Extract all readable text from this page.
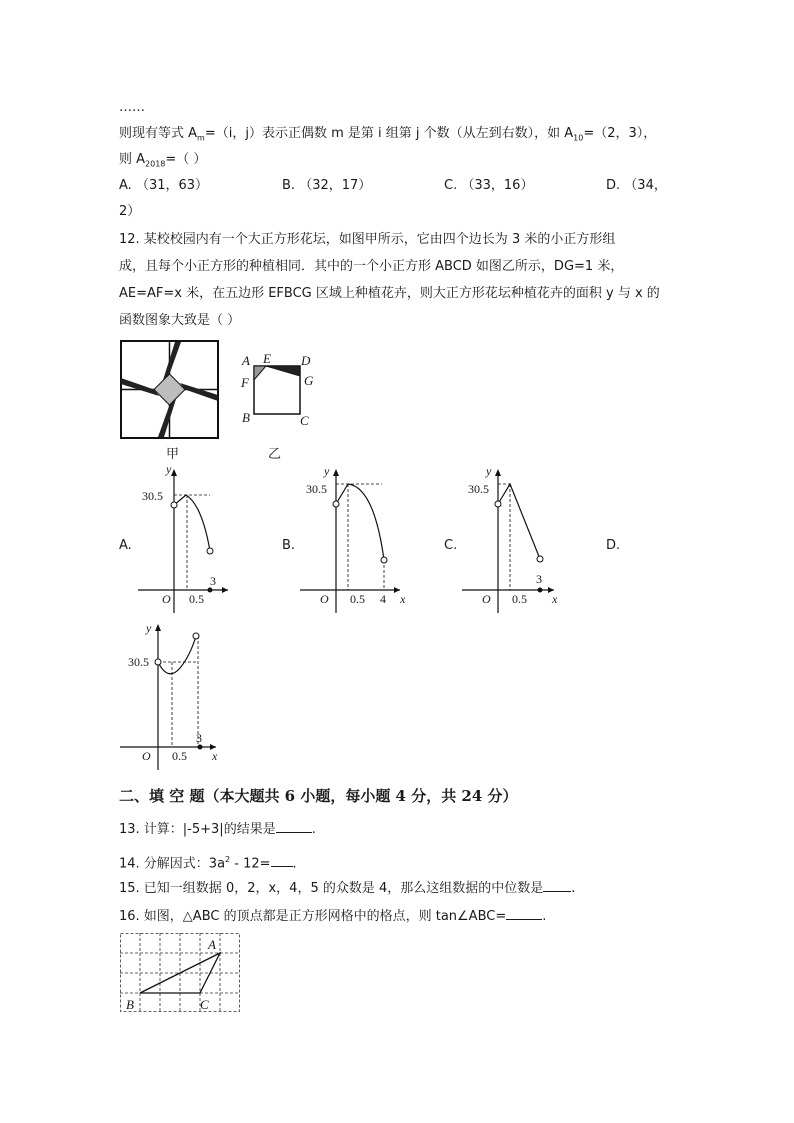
……
则现有等式 $A_m=(i$，j）表示正偶数 m 是第 i 组第 j 个数（从左到右数），如 $A_{10}=(2$，3），
则 $A_{2018}=$（ ）
A. （31，63）	B. （32，17）	C. （33，16）	D. （34，
2）
12. 某校校园内有一个大正方形花坛，如图甲所示，它由四个边长为 3 米的小正方形组
成，且每个小正方形的种植相同．其中的一个小正方形 ABCD 如图乙所示，DG=1 米，
AE=AF=x 米，在五边形 EFBCG 区域上种植花卉，则大正方形花坛种植花卉的面积 y 与 x 的
函数图象大致是（ ）
甲
A E D
F	G
B	C
乙
A.
30.5
y
O 0.5
3
B.
30.5
y
O 0.5 4 x
C.
30.5
y
O 0.5
3
x
D.
30.5
y
O 0.5
3
x
二、填 空 题（本大题共 6 小题，每小题 4 分，共 24 分）
13. 计算：|-5+3|的结果是	.
14. 分解因式：$3a^2 - 12=$ .
15. 已知一组数据 0，2，x，4，5 的众数是 4，那么这组数据的中位数是 .
16. 如图，△ABC 的顶点都是正方形网格中的格点，则 tan∠ABC=	.
A
B	C
